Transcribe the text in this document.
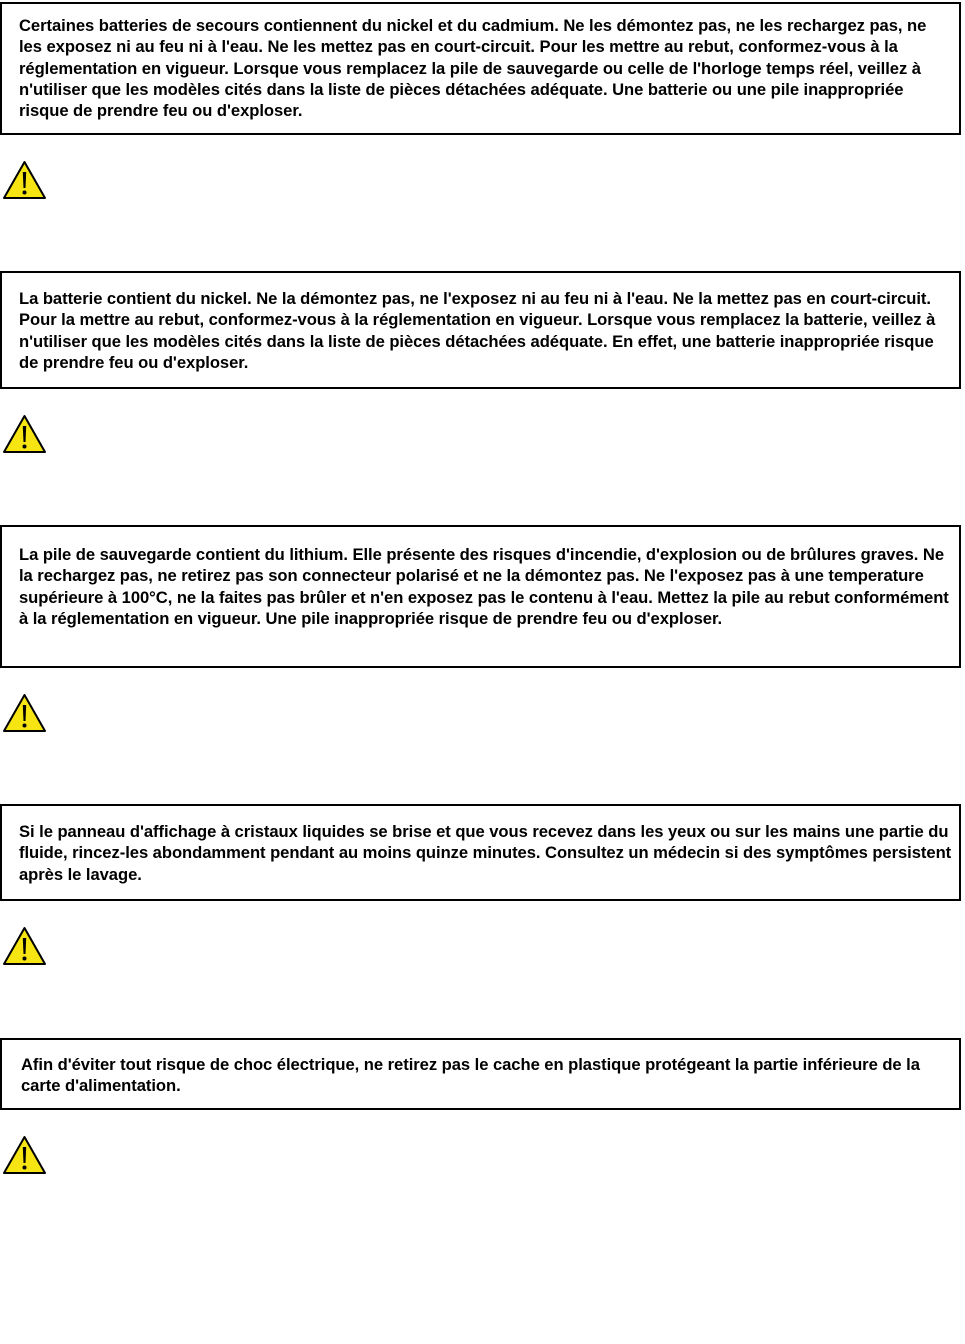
Certaines batteries de secours contiennent du nickel et du cadmium. Ne les démontez pas, ne les rechargez pas, ne les exposez ni au feu ni à l'eau. Ne les mettez pas en court-circuit. Pour les mettre au rebut, conformez-vous à la réglementation en vigueur. Lorsque vous remplacez la pile de sauvegarde ou celle de l'horloge temps réel, veillez à n'utiliser que les modèles cités dans la liste de pièces détachées adéquate. Une batterie ou une pile inappropriée risque de prendre feu ou d'exploser.

La batterie contient du nickel. Ne la démontez pas, ne l'exposez ni au feu ni à l'eau. Ne la mettez pas en court-circuit. Pour la mettre au rebut, conformez-vous à la réglementation en vigueur. Lorsque vous remplacez la batterie, veillez à n'utiliser que les modèles cités dans la liste de pièces détachées adéquate. En effet, une batterie inappropriée risque de prendre feu ou d'exploser.

La pile de sauvegarde contient du lithium. Elle présente des risques d'incendie, d'explosion ou de brûlures graves. Ne la rechargez pas, ne retirez pas son connecteur polarisé et ne la démontez pas. Ne l'exposez pas à une temperature supérieure à 100°C, ne la faites pas brûler et n'en exposez pas le contenu à l'eau. Mettez la pile au rebut conformément à la réglementation en vigueur. Une pile inappropriée risque de prendre feu ou d'exploser.

Si le panneau d'affichage à cristaux liquides se brise et que vous recevez dans les yeux ou sur les mains une partie du fluide, rincez-les abondamment pendant au moins quinze minutes. Consultez un médecin si des symptômes persistent après le lavage.

Afin d'éviter tout risque de choc électrique, ne retirez pas le cache en plastique protégeant la partie inférieure de la carte d'alimentation.
